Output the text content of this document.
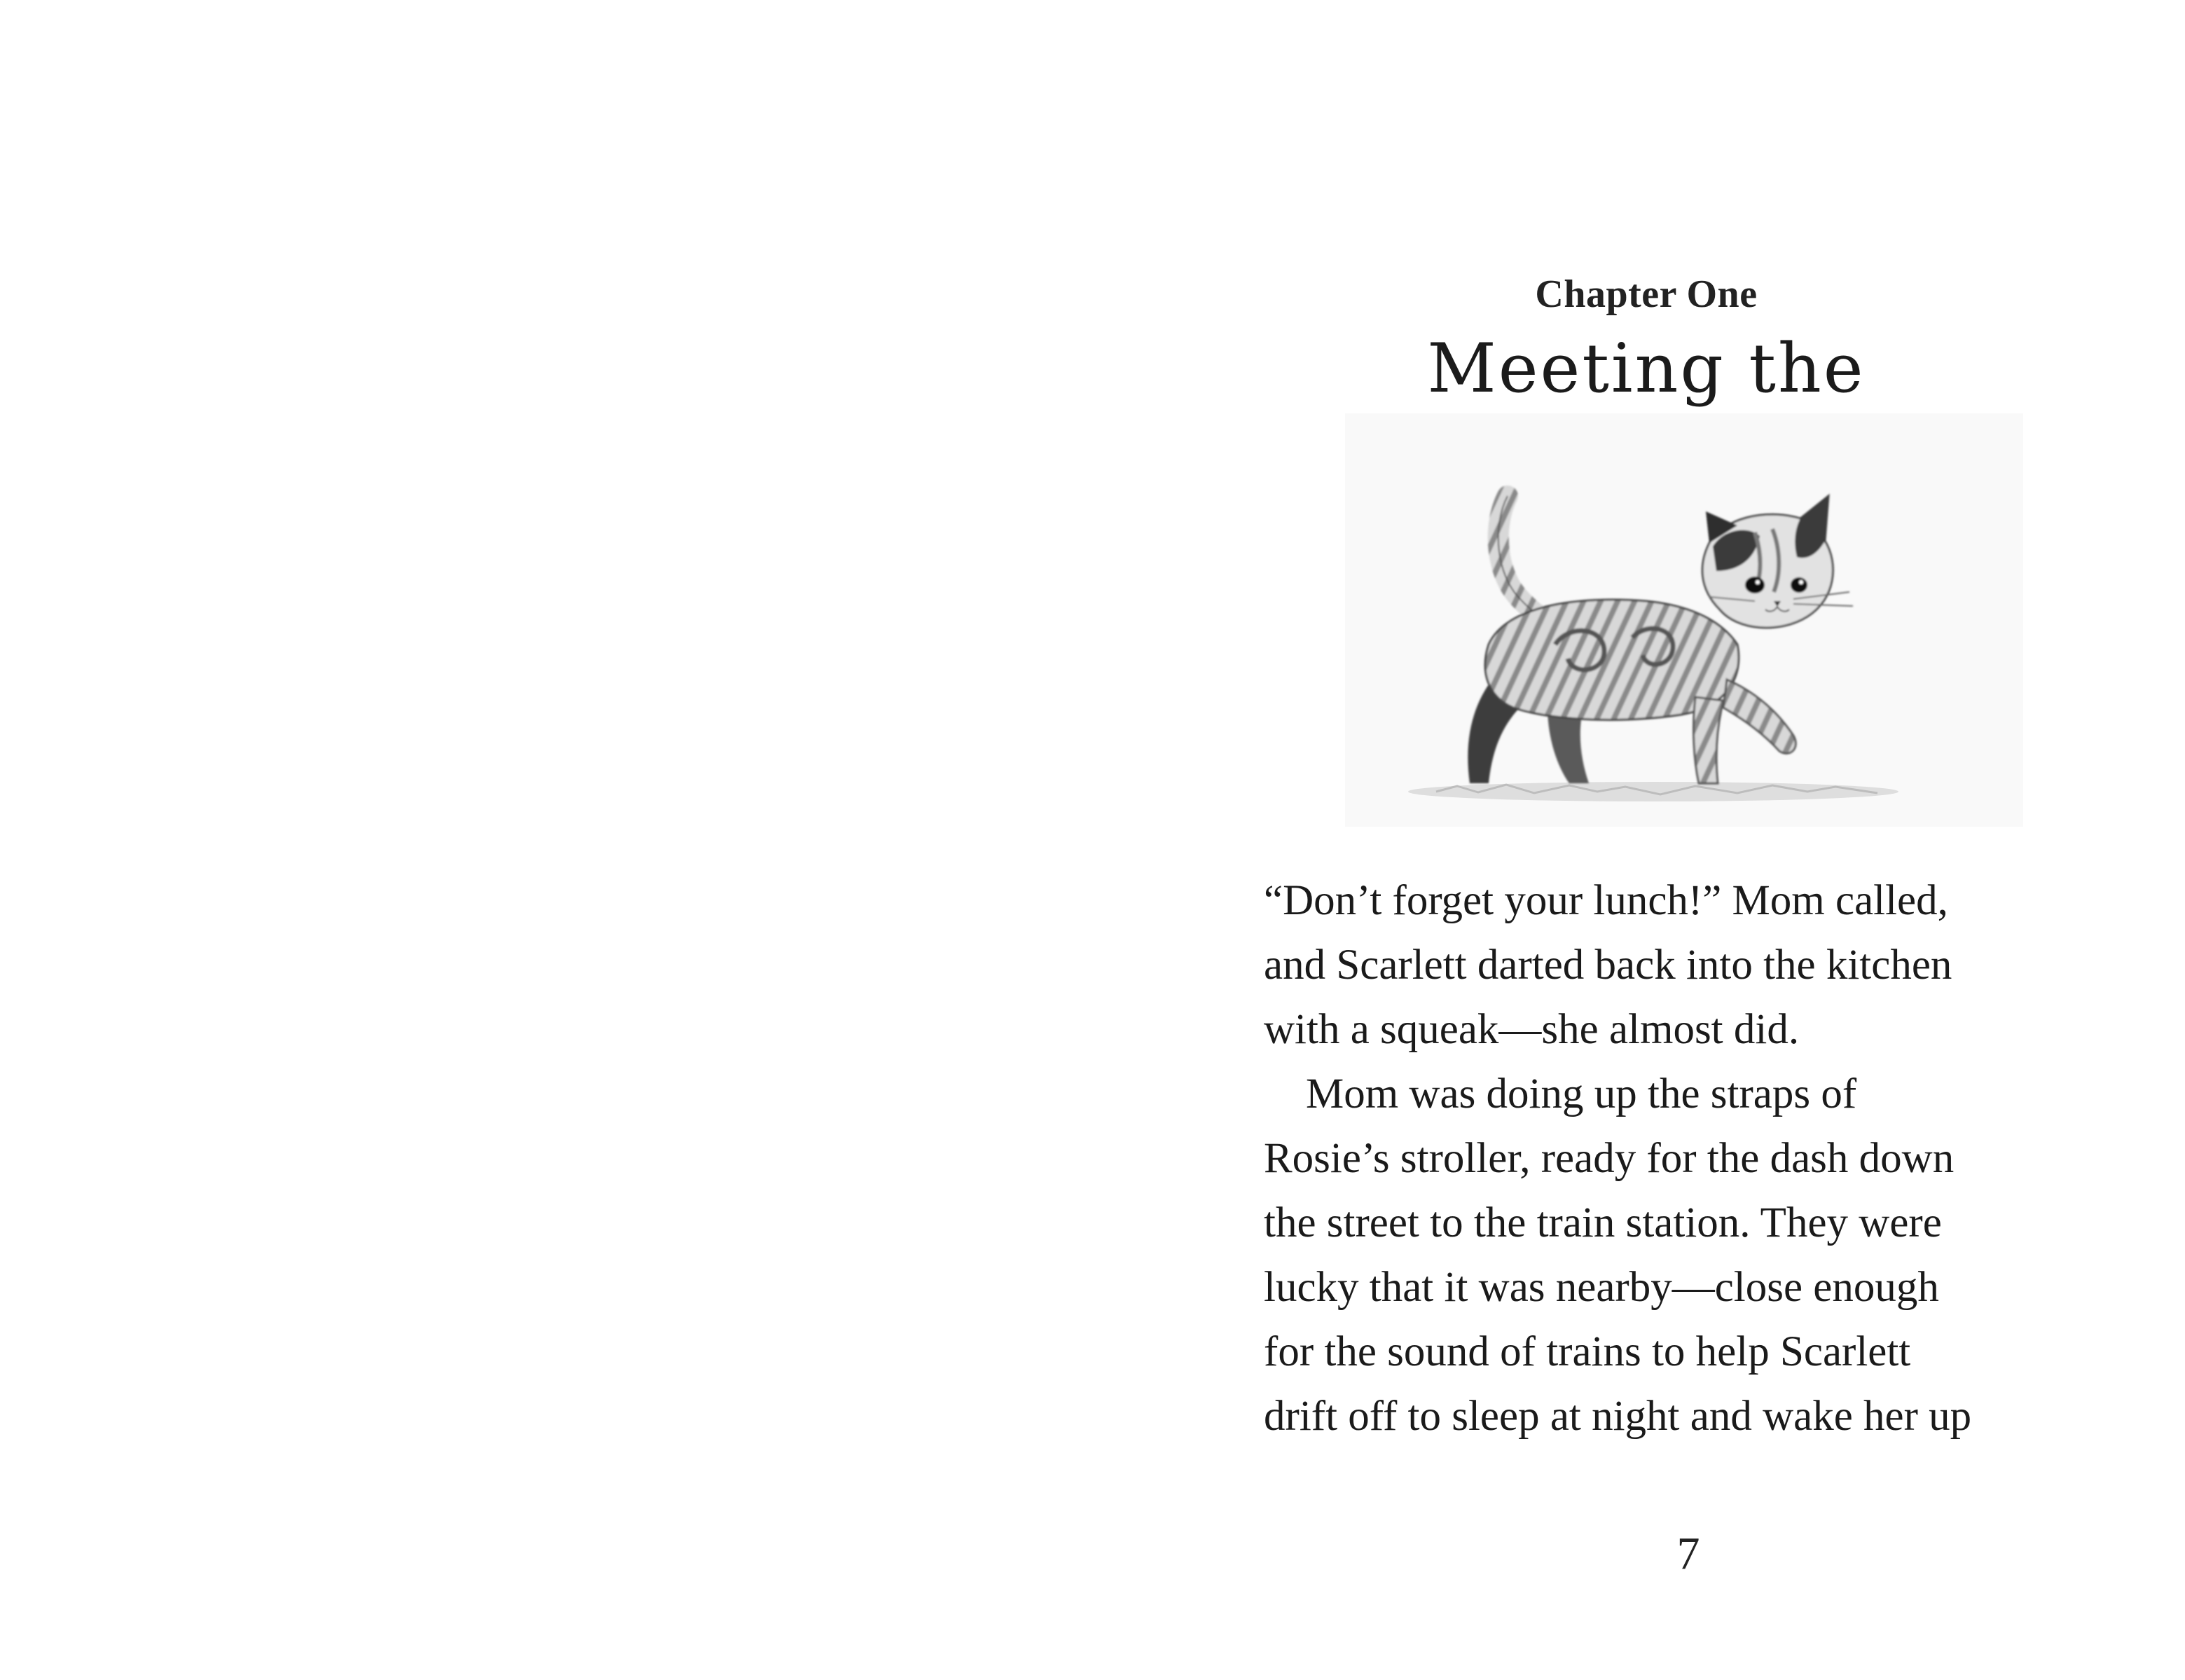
Chapter One
Meeting the

“Don’t forget your lunch!” Mom called,
and Scarlett darted back into the kitchen
with a squeak—she almost did.

Mom was doing up the straps of
Rosie’s stroller, ready for the dash down
the street to the train station. They were
lucky that it was nearby—close enough
for the sound of trains to help Scarlett
drift off to sleep at night and wake her up

7
